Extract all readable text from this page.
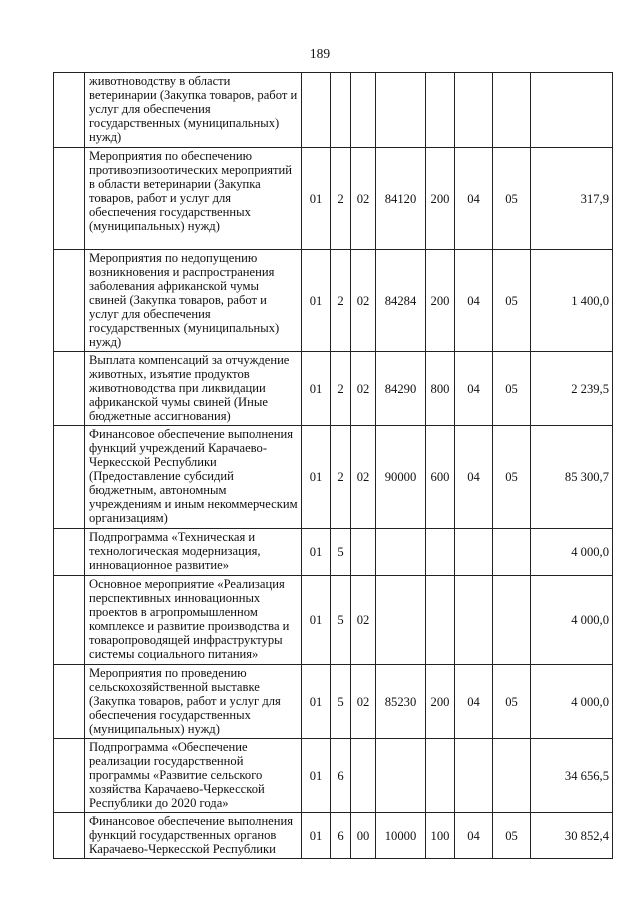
189
	животноводству в области ветеринарии (Закупка товаров, работ и услуг для обеспечения государственных (муниципальных) нужд)								
	Мероприятия по обеспечению противоэпизоотических мероприятий в области ветеринарии (Закупка товаров, работ и услуг для обеспечения государственных (муниципальных) нужд)	01	2	02	84120	200	04	05	317,9
	Мероприятия по недопущению возникновения и распространения заболевания африканской чумы свиней (Закупка товаров, работ и услуг для обеспечения государственных (муниципальных) нужд)	01	2	02	84284	200	04	05	1 400,0
	Выплата компенсаций за отчуждение животных, изъятие продуктов животноводства при ликвидации африканской чумы свиней (Иные бюджетные ассигнования)	01	2	02	84290	800	04	05	2 239,5
	Финансовое обеспечение выполнения функций учреждений Карачаево-Черкесской Республики (Предоставление субсидий бюджетным, автономным учреждениям и иным некоммерческим организациям)	01	2	02	90000	600	04	05	85 300,7
	Подпрограмма «Техническая и технологическая модернизация, инновационное развитие»	01	5						4 000,0
	Основное мероприятие «Реализация перспективных инновационных проектов в агропромышленном комплексе и развитие производства и товаропроводящей инфраструктуры системы социального питания»	01	5	02					4 000,0
	Мероприятия по проведению сельскохозяйственной выставке (Закупка товаров, работ и услуг для обеспечения государственных (муниципальных) нужд)	01	5	02	85230	200	04	05	4 000,0
	Подпрограмма «Обеспечение реализации государственной программы «Развитие сельского хозяйства Карачаево-Черкесской Республики до 2020 года»	01	6						34 656,5
	Финансовое обеспечение выполнения функций государственных органов Карачаево-Черкесской Республики	01	6	00	10000	100	04	05	30 852,4
